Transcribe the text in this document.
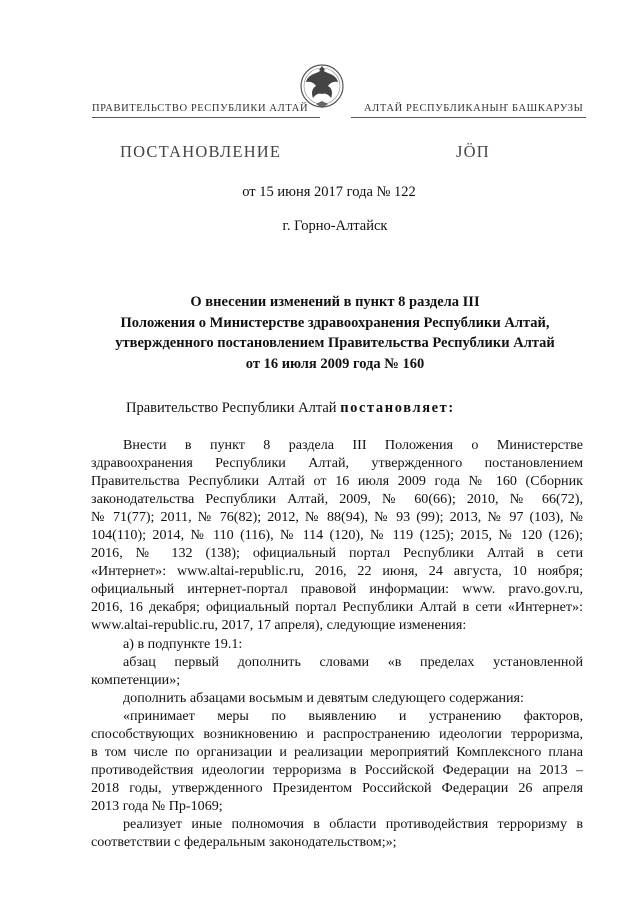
ПРАВИТЕЛЬСТВО РЕСПУБЛИКИ АЛТАЙ	АЛТАЙ РЕСПУБЛИКАНЫҤ БАШКАРУЗЫ
ПОСТАНОВЛЕНИЕ	JӦП
от 15 июня 2017 года № 122
г. Горно-Алтайск
О внесении изменений в пункт 8 раздела III
Положения о Министерстве здравоохранения Республики Алтай,
утвержденного постановлением Правительства Республики Алтай
от 16 июля 2009 года № 160
Правительство Республики Алтай постановляет:
Внести в пункт 8 раздела III Положения о Министерстве
здравоохранения Республики Алтай, утвержденного постановлением
Правительства Республики Алтай от 16 июля 2009 года № 160 (Сборник
законодательства Республики Алтай, 2009, № 60(66); 2010, № 66(72),
№ 71(77); 2011, № 76(82); 2012, № 88(94), № 93 (99); 2013, № 97 (103), №
104(110); 2014, № 110 (116), № 114 (120), № 119 (125); 2015, № 120 (126);
2016, № 132 (138); официальный портал Республики Алтай в сети
«Интернет»: www.altai-republic.ru, 2016, 22 июня, 24 августа, 10 ноября;
официальный интернет-портал правовой информации: www. pravo.gov.ru,
2016, 16 декабря; официальный портал Республики Алтай в сети «Интернет»:
www.altai-republic.ru, 2017, 17 апреля), следующие изменения:
а) в подпункте 19.1:
абзац первый дополнить словами «в пределах установленной
компетенции»;
дополнить абзацами восьмым и девятым следующего содержания:
«принимает меры по выявлению и устранению факторов,
способствующих возникновению и распространению идеологии терроризма,
в том числе по организации и реализации мероприятий Комплексного плана
противодействия идеологии терроризма в Российской Федерации на 2013 –
2018 годы, утвержденного Президентом Российской Федерации 26 апреля
2013 года № Пр-1069;
реализует иные полномочия в области противодействия терроризму в
соответствии с федеральным законодательством;»;
